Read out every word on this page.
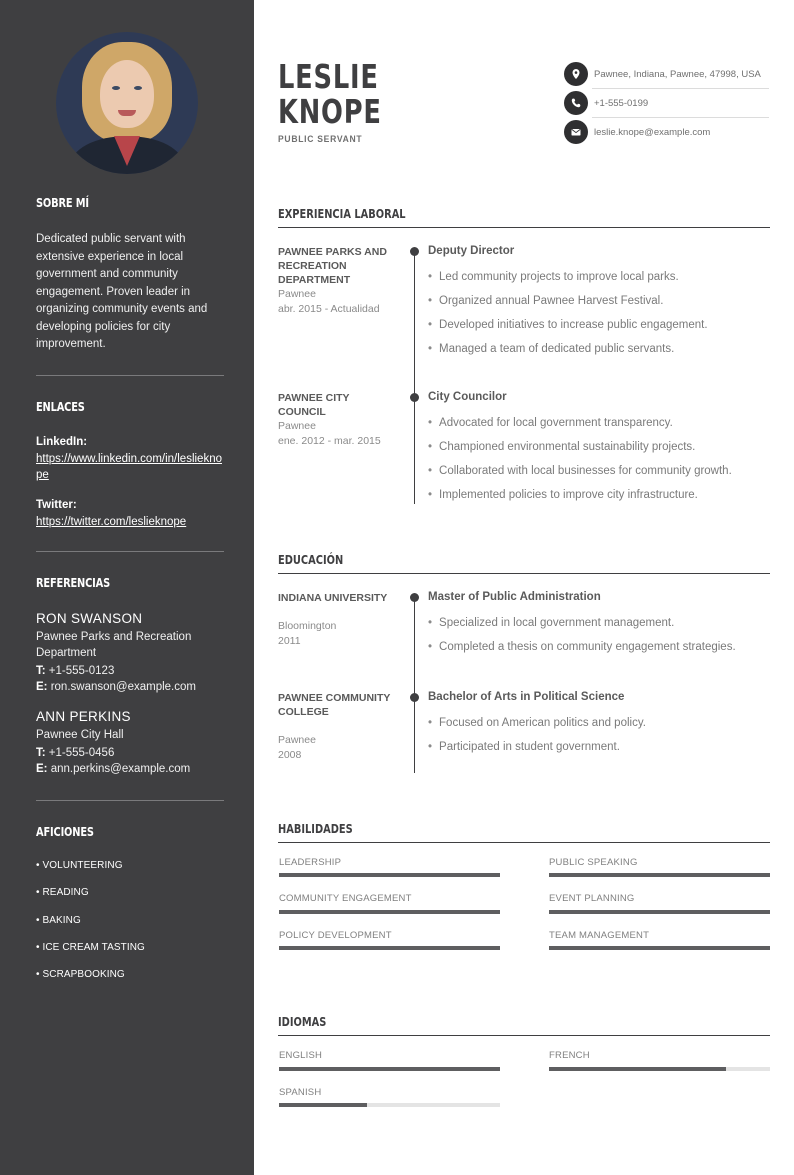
SOBRE MÍ
Dedicated public servant with extensive experience in local government and community engagement. Proven leader in organizing community events and developing policies for city improvement.
ENLACES
LinkedIn:
https://www.linkedin.com/in/leslieknope
Twitter:
https://twitter.com/leslieknope
REFERENCIAS
RON SWANSON
Pawnee Parks and Recreation Department
T: +1-555-0123
E: ron.swanson@example.com
ANN PERKINS
Pawnee City Hall
T: +1-555-0456
E: ann.perkins@example.com
AFICIONES
• VOLUNTEERING
• READING
• BAKING
• ICE CREAM TASTING
• SCRAPBOOKING
LESLIE
KNOPE
PUBLIC SERVANT
Pawnee, Indiana, Pawnee, 47998, USA
+1-555-0199
leslie.knope@example.com
EXPERIENCIA LABORAL
PAWNEE PARKS AND RECREATION DEPARTMENT
Pawnee
abr. 2015 - Actualidad
Deputy Director
• Led community projects to improve local parks.
• Organized annual Pawnee Harvest Festival.
• Developed initiatives to increase public engagement.
• Managed a team of dedicated public servants.
PAWNEE CITY COUNCIL
Pawnee
ene. 2012 - mar. 2015
City Councilor
• Advocated for local government transparency.
• Championed environmental sustainability projects.
• Collaborated with local businesses for community growth.
• Implemented policies to improve city infrastructure.
EDUCACIÓN
INDIANA UNIVERSITY
Bloomington
2011
Master of Public Administration
• Specialized in local government management.
• Completed a thesis on community engagement strategies.
PAWNEE COMMUNITY COLLEGE
Pawnee
2008
Bachelor of Arts in Political Science
• Focused on American politics and policy.
• Participated in student government.
HABILIDADES
LEADERSHIP	PUBLIC SPEAKING
COMMUNITY ENGAGEMENT	EVENT PLANNING
POLICY DEVELOPMENT	TEAM MANAGEMENT
IDIOMAS
ENGLISH	FRENCH
SPANISH
